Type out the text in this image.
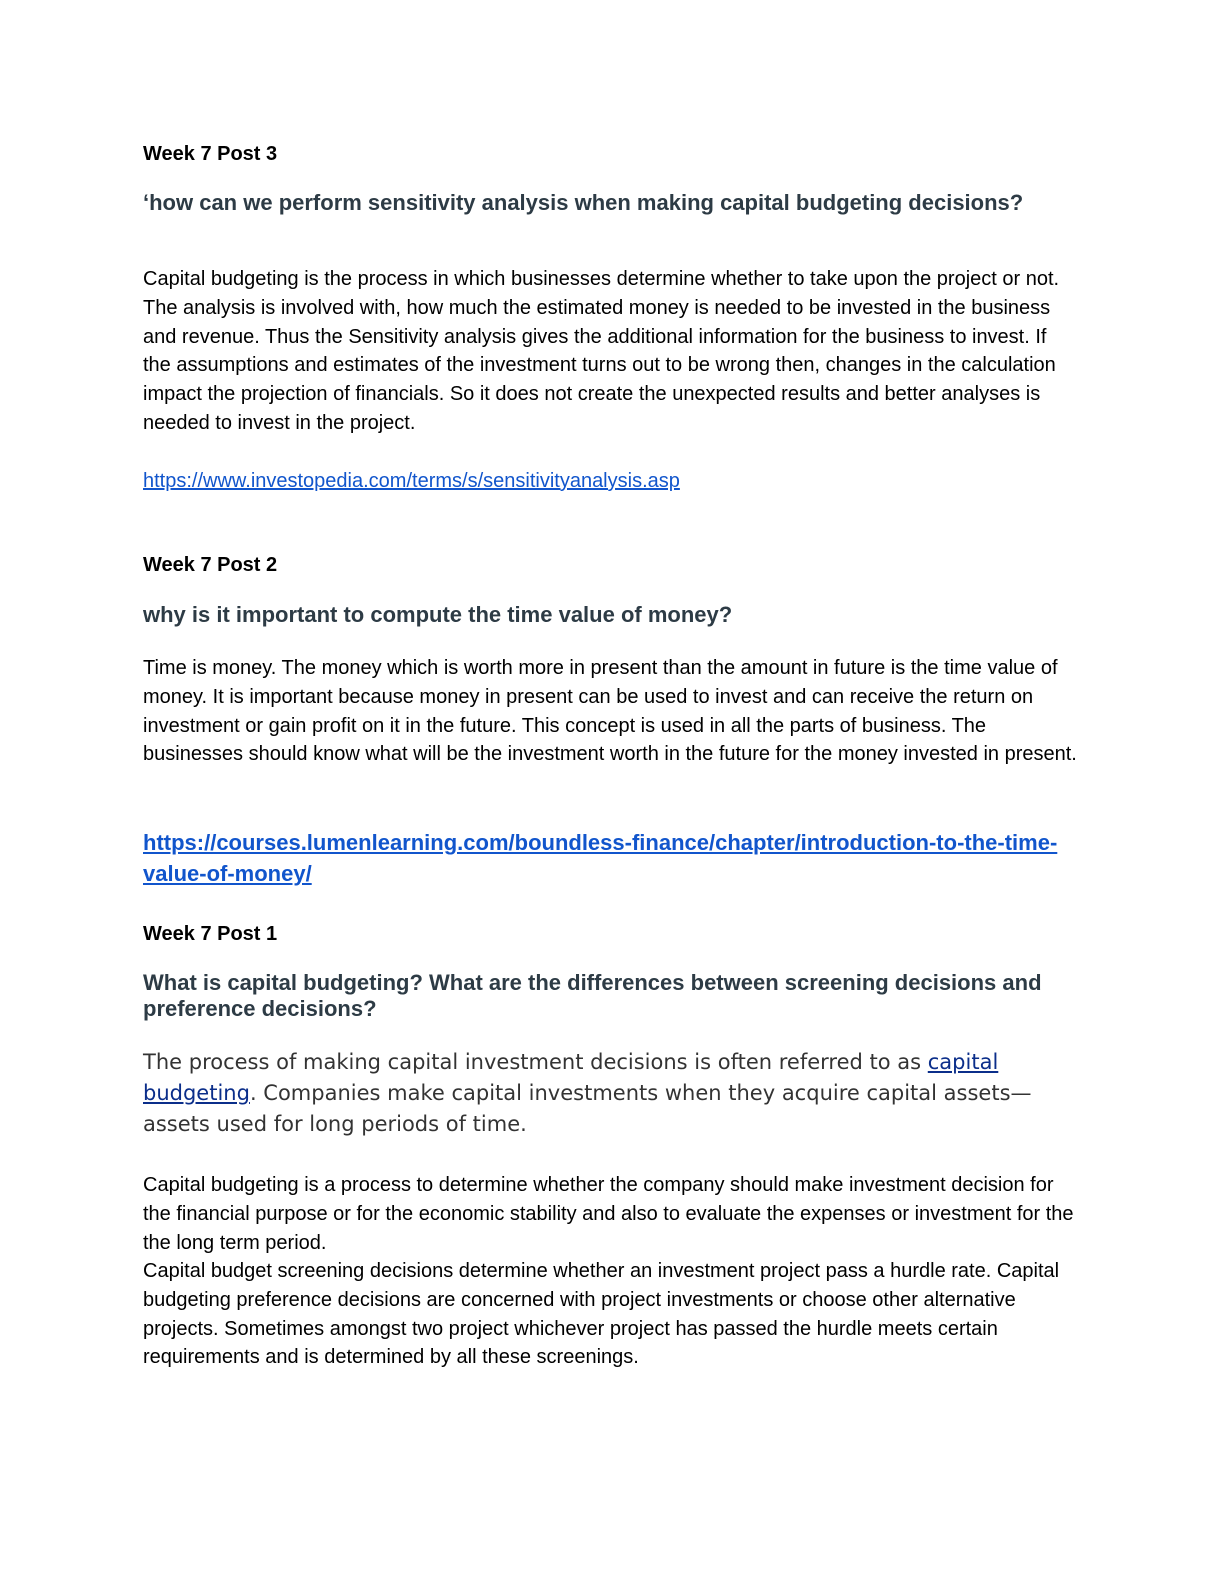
Week 7 Post 3

‘how can we perform sensitivity analysis when making capital budgeting decisions?

Capital budgeting is the process in which businesses determine whether to take upon the project or not. The analysis is involved with, how much the estimated money is needed to be invested in the business and revenue. Thus the Sensitivity analysis gives the additional information for the business to invest. If the assumptions and estimates of the investment turns out to be wrong then, changes in the calculation impact the projection of financials. So it does not create the unexpected results and better analyses is needed to invest in the project.

https://www.investopedia.com/terms/s/sensitivityanalysis.asp

Week 7 Post 2

why is it important to compute the time value of money?

Time is money. The money which is worth more in present than the amount in future is the time value of money. It is important because money in present can be used to invest and can receive the return on investment or gain profit on it in the future. This concept is used in all the parts of business. The businesses should know what will be the investment worth in the future for the money invested in present.

https://courses.lumenlearning.com/boundless-finance/chapter/introduction-to-the-time-value-of-money/

Week 7 Post 1

What is capital budgeting? What are the differences between screening decisions and preference decisions?

The process of making capital investment decisions is often referred to as capital budgeting. Companies make capital investments when they acquire capital assets—assets used for long periods of time.

Capital budgeting is a process to determine whether the company should make investment decision for the financial purpose or for the economic stability and also to evaluate the expenses or investment for the the long term period.

Capital budget screening decisions determine whether an investment project pass a hurdle rate. Capital budgeting preference decisions are concerned with project investments or choose other alternative projects. Sometimes amongst two project whichever project has passed the hurdle meets certain requirements and is determined by all these screenings.
